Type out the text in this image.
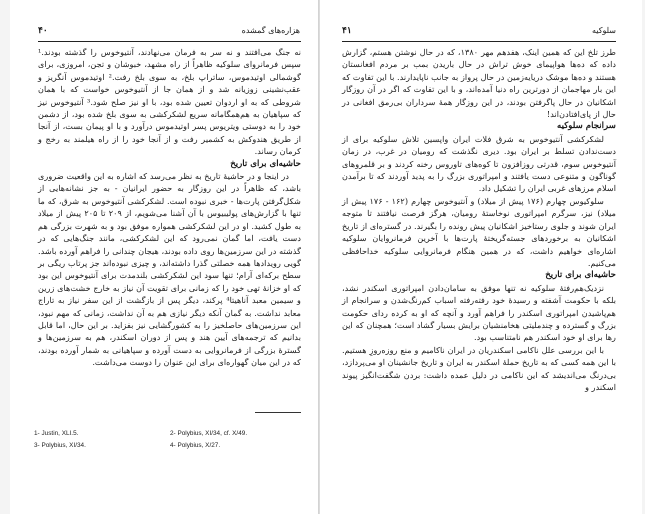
۴۰	هزاره‌های گمشده

نه جنگ می‌افتند و نه سر به فرمان می‌نهادند، آنتیوخوس را گذشته بودند.¹ سپس فرمانروای سلوکیه ظاهراً از راه مشهد، خبوشان و تجن، امروزی، برای گوشمالی اوتیدموس، ساتراپ بلخ، به سوی بلخ رفت.² اوتیدموس آنگریز و عقب‌نشینی زوزیانه شد و از همان جا از آنتیوخوس خواست که با همان شروطی که به او اردوان تعیین شده بود، با او نیز صلح شود.³ آنتیوخوس نیز که سپاهیان به هم‌همگامانه سریع لشکرکشی به سوی بلخ شده بود، از دشمن خود را به دوستی ویتریوس پسر اوتیدموس درآورد و با او پیمان بست، از آنجا از طریق هندوکش به کشمیر رفت و از آنجا خود را از راه هیلمند به رخج و کرمان رساند.

حاشیه‌ای برای تاریخ

در اینجا و در حاشیهٔ تاریخ به نظر می‌رسد که اشاره به این واقعیت ضروری باشد، که ظاهراً در این روزگار به حضور ایرانیان - به جز نشانه‌هایی از شکل‌گرفتن پارت‌ها - خبری نبوده است. لشکرکشی آنتیوخوس به شرق، که ما تنها با گزارش‌های پولیبیوس با آن آشنا می‌شویم، از ۲۰۹ تا ۲۰۵ پیش از میلاد به طول کشید. او در این لشکرکشی همواره موفق بود و به شهرت بزرگی هم دست یافت، اما گمان نمی‌رود که این لشکرکشی، مانند جنگ‌هایی که در گذشته در این سرزمین‌ها روی داده بودند، هیجان چندانی را فراهم آورده باشد. گویی رویدادها همه خصلتی گذرا داشته‌اند، و چیزی نبوده‌اند جز پرتاب ریگی بر سطح برکه‌ای آرام؛ تنها سود این لشکرکشی بلندمدت برای آنتیوخوس این بود که او خزانهٔ تهی خود را که زمانی برای تقویت آن نیاز به خارج خشت‌های زرین و سیمین معبد آناهیتا⁴ پرکند، دیگر پس از بازگشت از این سفر نیاز به تاراج معابد نداشت. به گمان آنکه دیگر نیازی هم به آن نداشت، زمانی که مهم نبود، این سرزمین‌های حاصلخیز را به کشورگشایی نیز بفزاید. بر این حال، اما قابل بدانیم که ترجمه‌های آیین هند و پس از دوران اسکندر، هم به سرزمین‌ها و گسترهٔ بزرگی از فرمانروایی به دست آورده و سپاهیانی به شمار آورده بودند، که در این میان گهواره‌ای برای این عنوان را دوست می‌داشت.

1- Justin, XLI.5.	2- Polybius, XI/34, cf. X/49.
3- Polybius, XI/34.	4- Polybius, X/27.
۴۱	سلوکیه

طرز تلخ این که همین اینک، هفدهم مهر ۱۳۸۰، که در حال نوشتن هستم، گزارش داده که ده‌ها هواپیمای خوش تراش در حال باریدن بمب بر مردم افغانستان هستند و ده‌ها موشک دریایه‌زمین در حال پرواز به جانب ناپایدارند. با این تفاوت که این بار مهاجمان از دورترین راه دنیا آمده‌اند، و با این تفاوت که اگر در آن روزگار اشکانیان در حال پاگرفتن بودند، در این روزگار همهٔ سرداران بی‌رمق افغانی در حال از پای‌افتادن‌اند!

سرانجام سلوکیه

لشکرکشی آنتیوخوس به شرق فلات ایران واپسین تلاش سلوکیه برای از دست‌ندادن تسلط بر ایران بود. دیری نگذشت که رومیان در غرب، در زمان آنتیوخوس سوم، قدرتی روزافزون تا کوه‌های تاوروس رخنه کردند و بر قلمروهای گوناگون و متنوعی دست یافتند و امپراتوری بزرگ را به پدید آوردند که تا برآمدن اسلام مرزهای غربی ایران را تشکیل داد.

سلوکیوس چهارم (۱۷۶ پیش از میلاد) و آنتیوخوس چهارم (۱۶۲ - ۱۷۶ پیش از میلاد) نیز، سرگرم امپراتوری نوخاستهٔ رومیان، هرگز فرصت نیافتند تا متوجه ایران شوند و جلوی رستاخیز اشکانیان پیش رونده را بگیرند. در گستره‌ای از تاریخ اشکانیان به برخوردهای جسته‌گریختهٔ پارت‌ها با آخرین فرمانروایان سلوکیه اشاره‌ای خواهیم داشت، که در همین هنگام فرمانروایی سلوکیه خداحافظی می‌کنیم.

حاشیه‌ای برای تاریخ

نزدیک‌هم‌رفتهٔ سلوکیه نه تنها موفق به سامان‌دادن امپراتوری اسکندر نشد، بلکه با حکومت آشفته و رسیدهٔ خود رفته‌رفته اسباب کم‌رنگ‌شدن و سرانجام از هم‌پاشیدن امپراتوری اسکندر را فراهم آورد و آنچه که او به کرده ردای حکومت بزرگ و گسترده و چندملیتی هخامنشیان برایش بسیار گشاد است؛ همچنان که این رها برای او خود اسکندر هم نامتناسب بود.

با این بررسی علل ناکامی اسکندریان در ایران ناکامیم و منع روزه‌روزِ هستیم. با این همه کسی که به تاریخ حملهٔ اسکندر به ایران و تاریخ جانشینان او می‌پردازد، بی‌درنگ می‌اندیشد که این ناکامی در دلیل عمده داشت: بردن شگفت‌انگیز پیوند اسکندر و
